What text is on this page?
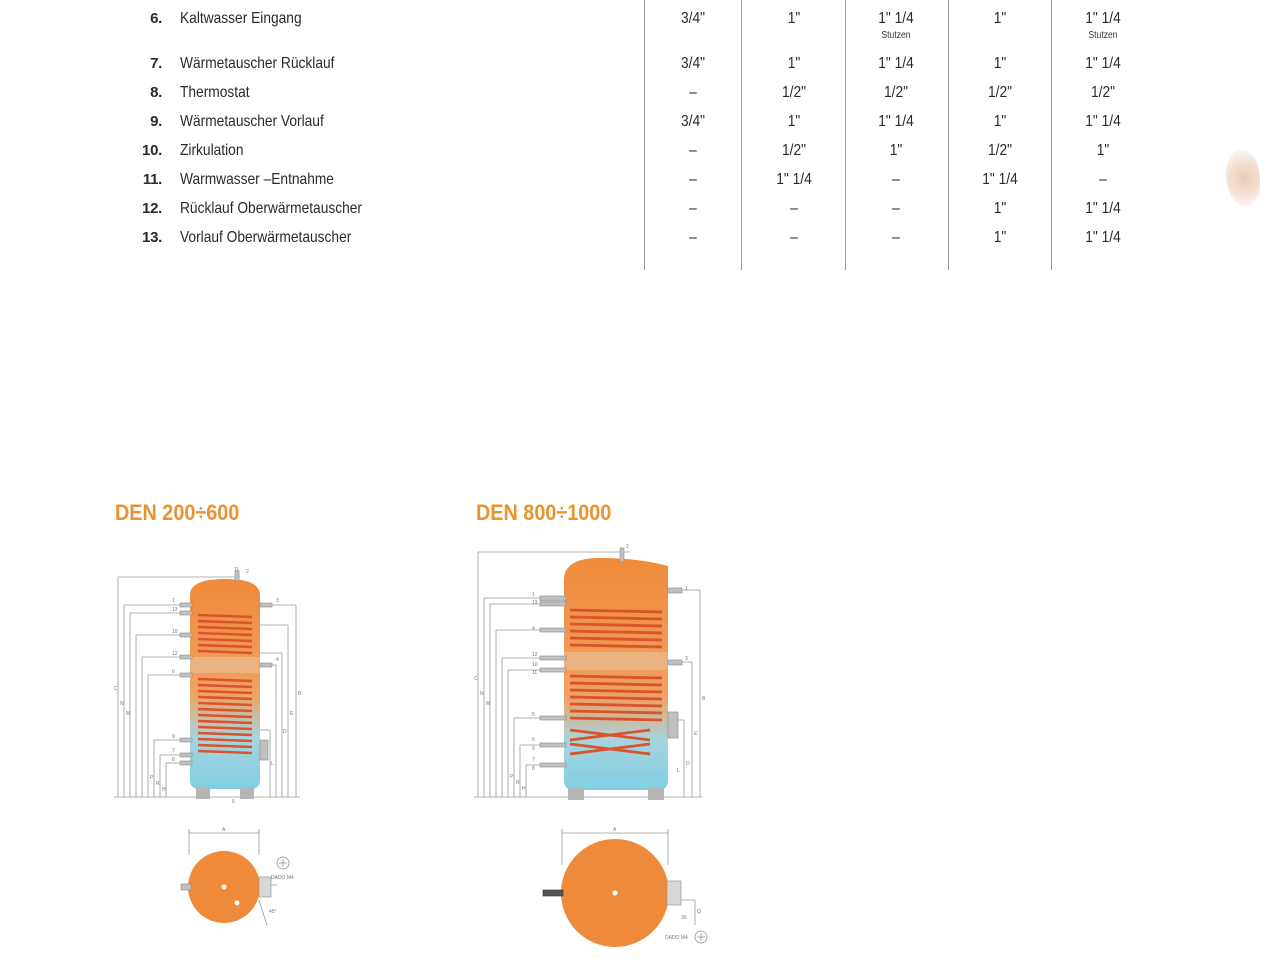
6. Kaltwasser Eingang	3/4"	1"	1" 1/4	1"	1" 1/4
Stutzen	Stutzen
7. Wärmetauscher Rücklauf	3/4"	1"	1" 1/4	1"	1" 1/4
8. Thermostat	–	1/2"	1/2"	1/2"	1/2"
9. Wärmetauscher Vorlauf	3/4"	1"	1" 1/4	1"	1" 1/4
10. Zirkulation	–	1/2"	1"	1/2"	1"
11. Warmwasser –Entnahme	–	1" 1/4	–	1" 1/4	–
12. Rücklauf Oberwärmetauscher	–	–	–	1"	1" 1/4
13. Vorlauf Oberwärmetauscher	–	–	–	1"	1" 1/4
DEN 200÷600	DEN 800÷1000
11 2
1
13
10
12
6
9
7
8
5
3
4
C
N
M
B
E
D
P
R
L
H
A
45°
DADO M4
2
1
1
13
4
12
10
11
5
6
9
7
8
3
C
N
M
B
E
D
P
R
L
H
A
30
Q
DADO M4
